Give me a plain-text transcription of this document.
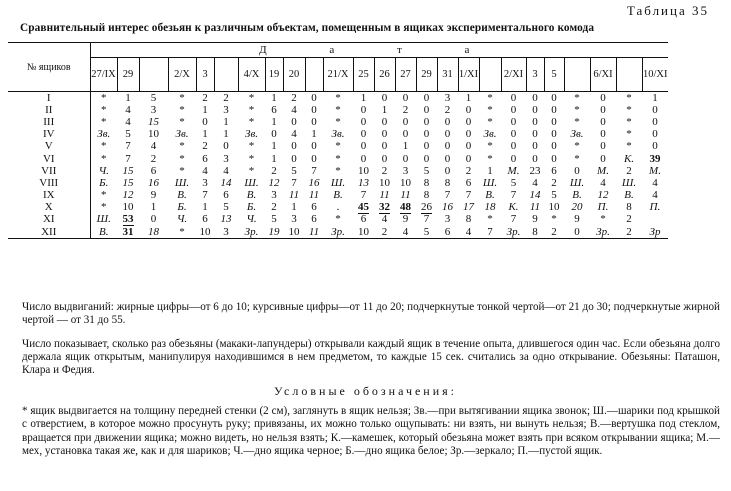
Таблица 35
Сравнительный интерес обезьян к различным объектам, помещенным в ящиках экспериментального комода
№ ящиков	Д а т а																								
	27/IX	29		2/X	3		4/X	19	20		21/X	25	26	27	29	31	1/XI		2/XI	3	5		6/XI		10/XI
I	*	1	5	*	2	2	*	1	2	0	*	1	0	0	0	3	1	*	0	0	0	*	0	*	1
II	*	4	3	*	1	3	*	6	4	0	*	0	1	2	0	2	0	*	0	0	0	*	0	*	0
III	*	4	15	*	0	1	*	1	0	0	*	0	0	0	0	0	0	*	0	0	0	*	0	*	0
IV	Зв.	5	10	Зв.	1	1	Зв.	0	4	1	Зв.	0	0	0	0	0	0	Зв.	0	0	0	Зв.	0	*	0
V	*	7	4	*	2	0	*	1	0	0	*	0	0	1	0	0	0	*	0	0	0	*	0	*	0
VI	*	7	2	*	6	3	*	1	0	0	*	0	0	0	0	0	0	*	0	0	0	*	0	К.	39
VII	Ч.	15	6	*	4	4	*	2	5	7	*	10	2	3	5	0	2	1	М.	23	6	0	М.	2	М.
VIII	Б.	15	16	Ш.	3	14	Ш.	12	7	16	Ш.	13	10	10	8	8	6	Ш.	5	4	2	Ш.	4	Ш.	4
IX	*	12	9	В.	7	6	В.	3	11	11	В.	7	11	11	8	7	7	В.	7	14	5	В.	12	В.	4
X	*	10	1	Б.	1	5	Б.	2	1	6	.	45	32	48	26	16	17	18	К.	11	10	20	П.	8	П.
XI	Ш.	53	0	Ч.	6	13	Ч.	5	3	6	*	6	4	9	7	3	8	*	7	9	*	9	*	2	
XII	В.	31	18	*	10	3	Зр.	19	10	11	Зр.	10	2	4	5	6	4	7	Зр.	8	2	0	Зр.	2	Зр
Число выдвиганий: жирные цифры—от 6 до 10; курсивные цифры—от 11 до 20; подчеркнутые тонкой чертой—от 21 до 30; подчеркнутые жирной чертой — от 31 до 55.
Число показывает, сколько раз обезьяны (макаки-лапундеры) открывали каждый ящик в течение опыта, длившегося один час. Если обезьяна долго держала ящик открытым, манипулируя находившимся в нем предметом, то каждые 15 сек. считались за одно открывание. Обезьяны: Паташон, Клара и Федия.
Условные обозначения:
* ящик выдвигается на толщину передней стенки (2 см), заглянуть в ящик нельзя; Зв.—при вытягивании ящика звонок; Ш.—шарики под крышкой с отверстием, в которое можно просунуть руку; привязаны, их можно только ощупывать: ни взять, ни вынуть нельзя; В.—вертушка под стеклом, вращается при движении ящика; можно видеть, но нельзя взять; К.—камешек, который обезьяна может взять при всяком открывании ящика; М.—мех, установка такая же, как и для шариков; Ч.—дно ящика черное; Б.—дно ящика белое; Зр.—зеркало; П.—пустой ящик.
